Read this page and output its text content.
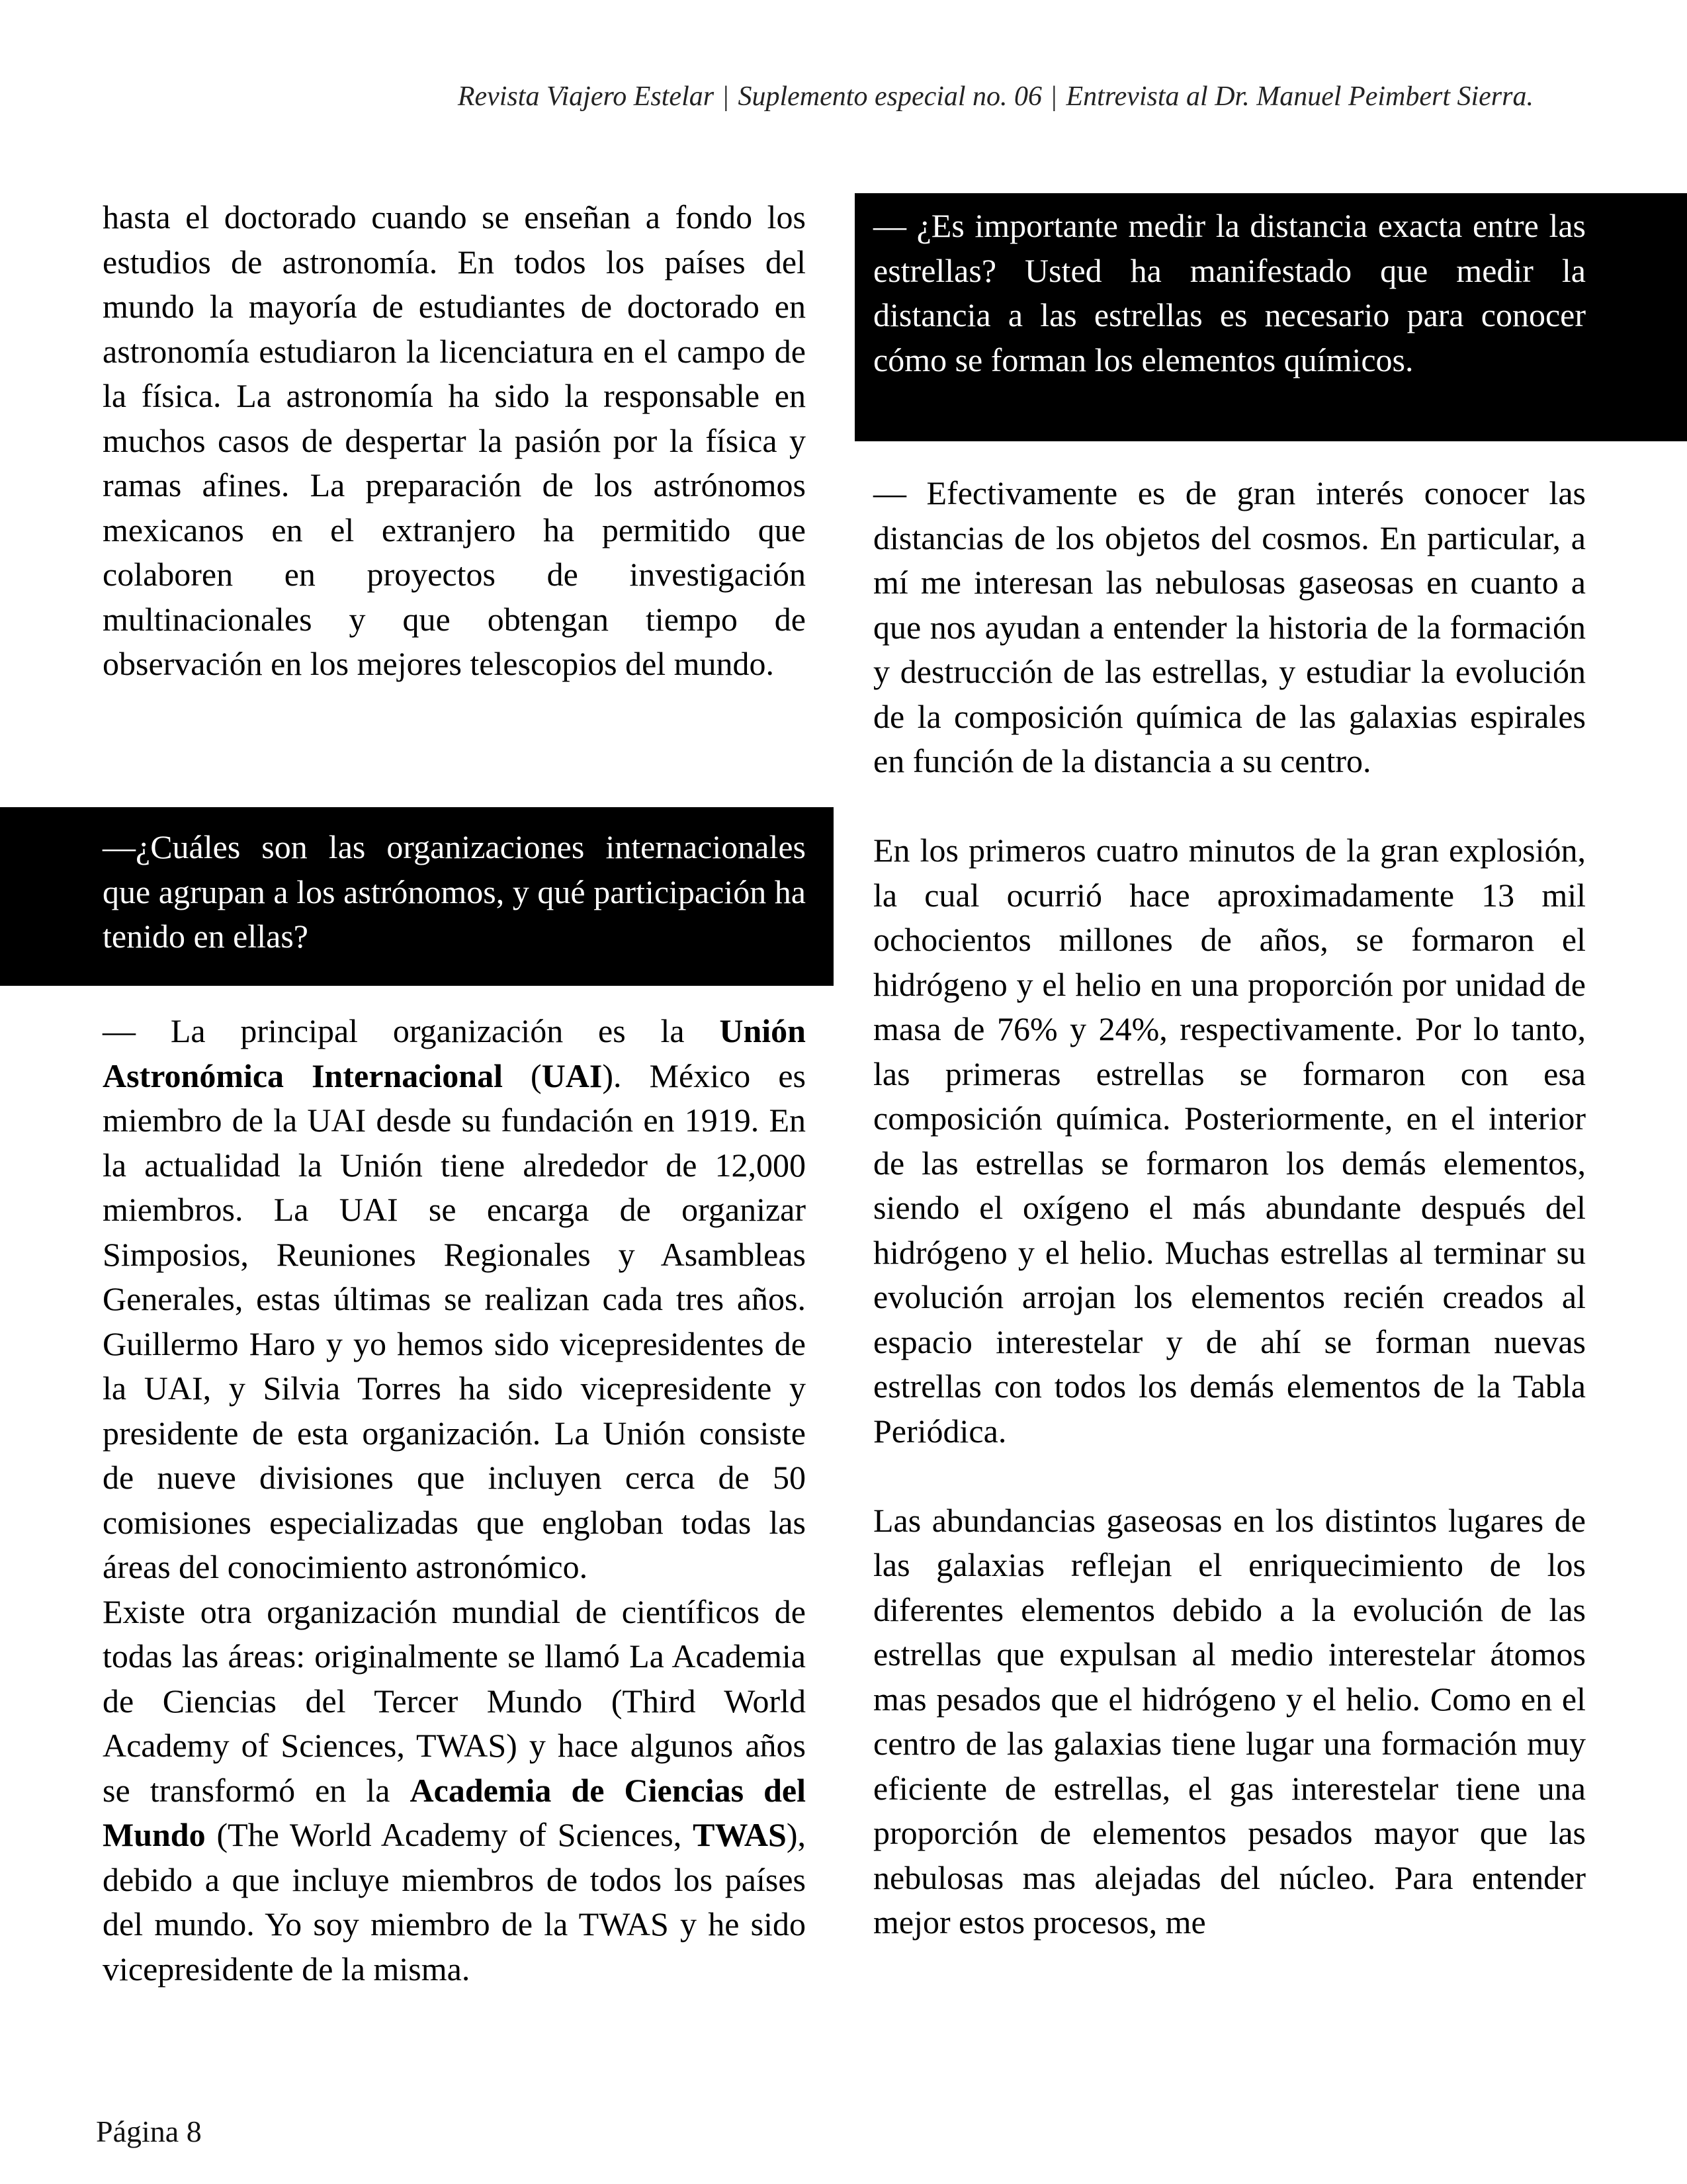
Revista Viajero Estelar | Suplemento especial no. 06 | Entrevista al Dr. Manuel Peimbert Sierra.

hasta el doctorado cuando se enseñan a fondo los estudios de astronomía. En todos los países del mundo la mayoría de estudiantes de doctorado en astronomía estudiaron la licenciatura en el campo de la física. La astronomía ha sido la responsable en muchos casos de despertar la pasión por la física y ramas afines. La preparación de los astrónomos mexicanos en el extranjero ha permitido que colaboren en proyectos de investigación multinacionales y que obtengan tiempo de observación en los mejores telescopios del mundo.

—¿Cuáles son las organizaciones internacionales que agrupan a los astrónomos, y qué participación ha tenido en ellas?

— La principal organización es la Unión Astronómica Internacional (UAI). México es miembro de la UAI desde su fundación en 1919. En la actualidad la Unión tiene alrededor de 12,000 miembros. La UAI se encarga de organizar Simposios, Reuniones Regionales y Asambleas Generales, estas últimas se realizan cada tres años. Guillermo Haro y yo hemos sido vicepresidentes de la UAI, y Silvia Torres ha sido vicepresidente y presidente de esta organización. La Unión consiste de nueve divisiones que incluyen cerca de 50 comisiones especializadas que engloban todas las áreas del conocimiento astronómico.

Existe otra organización mundial de científicos de todas las áreas: originalmente se llamó La Academia de Ciencias del Tercer Mundo (Third World Academy of Sciences, TWAS) y hace algunos años se transformó en la Academia de Ciencias del Mundo (The World Academy of Sciences, TWAS), debido a que incluye miembros de todos los países del mundo. Yo soy miembro de la TWAS y he sido vicepresidente de la misma.

— ¿Es importante medir la distancia exacta entre las estrellas? Usted ha manifestado que medir la distancia a las estrellas es necesario para conocer cómo se forman los elementos químicos.

— Efectivamente es de gran interés conocer las distancias de los objetos del cosmos. En particular, a mí me interesan las nebulosas gaseosas en cuanto a que nos ayudan a entender la historia de la formación y destrucción de las estrellas, y estudiar la evolución de la composición química de las galaxias espirales en función de la distancia a su centro.

En los primeros cuatro minutos de la gran explosión, la cual ocurrió hace aproximadamente 13 mil ochocientos millones de años, se formaron el hidrógeno y el helio en una proporción por unidad de masa de 76% y 24%, respectivamente. Por lo tanto, las primeras estrellas se formaron con esa composición química. Posteriormente, en el interior de las estrellas se formaron los demás elementos, siendo el oxígeno el más abundante después del hidrógeno y el helio. Muchas estrellas al terminar su evolución arrojan los elementos recién creados al espacio interestelar y de ahí se forman nuevas estrellas con todos los demás elementos de la Tabla Periódica.

Las abundancias gaseosas en los distintos lugares de las galaxias reflejan el enriquecimiento de los diferentes elementos debido a la evolución de las estrellas que expulsan al medio interestelar átomos mas pesados que el hidrógeno y el helio. Como en el centro de las galaxias tiene lugar una formación muy eficiente de estrellas, el gas interestelar tiene una proporción de elementos pesados mayor que las nebulosas mas alejadas del núcleo. Para entender mejor estos procesos, me

Página 8
